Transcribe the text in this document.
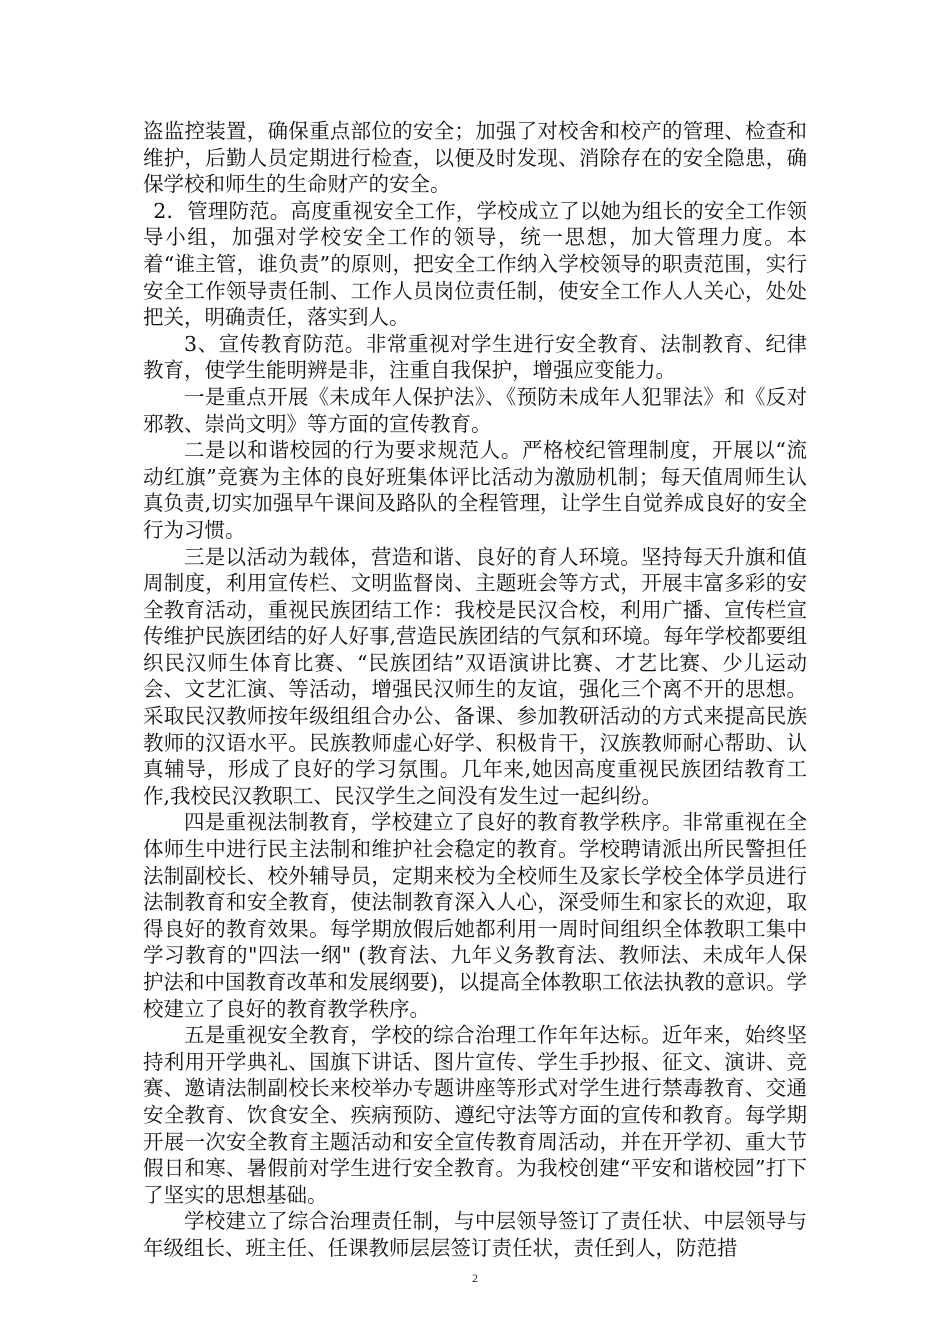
盗监控装置，确保重点部位的安全；加强了对校舍和校产的管理、检查和维护，后勤人员定期进行检查，以便及时发现、消除存在的安全隐患，确保学校和师生的生命财产的安全。

2．管理防范。高度重视安全工作，学校成立了以她为组长的安全工作领导小组，加强对学校安全工作的领导，统一思想，加大管理力度。本着“谁主管，谁负责”的原则，把安全工作纳入学校领导的职责范围，实行安全工作领导责任制、工作人员岗位责任制，使安全工作人人关心，处处把关，明确责任，落实到人。

3、宣传教育防范。非常重视对学生进行安全教育、法制教育、纪律教育，使学生能明辨是非，注重自我保护，增强应变能力。

一是重点开展《未成年人保护法》、《预防未成年人犯罪法》和《反对邪教、崇尚文明》等方面的宣传教育。

二是以和谐校园的行为要求规范人。严格校纪管理制度，开展以“流动红旗”竞赛为主体的良好班集体评比活动为激励机制；每天值周师生认真负责,切实加强早午课间及路队的全程管理，让学生自觉养成良好的安全行为习惯。

三是以活动为载体，营造和谐、良好的育人环境。坚持每天升旗和值周制度，利用宣传栏、文明监督岗、主题班会等方式，开展丰富多彩的安全教育活动，重视民族团结工作：我校是民汉合校，利用广播、宣传栏宣传维护民族团结的好人好事,营造民族团结的气氛和环境。每年学校都要组织民汉师生体育比赛、“民族团结”双语演讲比赛、才艺比赛、少儿运动会、文艺汇演、等活动，增强民汉师生的友谊，强化三个离不开的思想。采取民汉教师按年级组组合办公、备课、参加教研活动的方式来提高民族教师的汉语水平。民族教师虚心好学、积极肯干，汉族教师耐心帮助、认真辅导，形成了良好的学习氛围。几年来,她因高度重视民族团结教育工作,我校民汉教职工、民汉学生之间没有发生过一起纠纷。

四是重视法制教育，学校建立了良好的教育教学秩序。非常重视在全体师生中进行民主法制和维护社会稳定的教育。学校聘请派出所民警担任法制副校长、校外辅导员，定期来校为全校师生及家长学校全体学员进行法制教育和安全教育，使法制教育深入人心，深受师生和家长的欢迎，取得良好的教育效果。每学期放假后她都利用一周时间组织全体教职工集中学习教育的"四法一纲" (教育法、九年义务教育法、教师法、未成年人保护法和中国教育改革和发展纲要)，以提高全体教职工依法执教的意识。学校建立了良好的教育教学秩序。

五是重视安全教育，学校的综合治理工作年年达标。近年来，始终坚持利用开学典礼、国旗下讲话、图片宣传、学生手抄报、征文、演讲、竞赛、邀请法制副校长来校举办专题讲座等形式对学生进行禁毒教育、交通安全教育、饮食安全、疾病预防、遵纪守法等方面的宣传和教育。每学期开展一次安全教育主题活动和安全宣传教育周活动，并在开学初、重大节假日和寒、暑假前对学生进行安全教育。为我校创建“平安和谐校园”打下了坚实的思想基础。

学校建立了综合治理责任制，与中层领导签订了责任状、中层领导与年级组长、班主任、任课教师层层签订责任状，责任到人，防范措

2
